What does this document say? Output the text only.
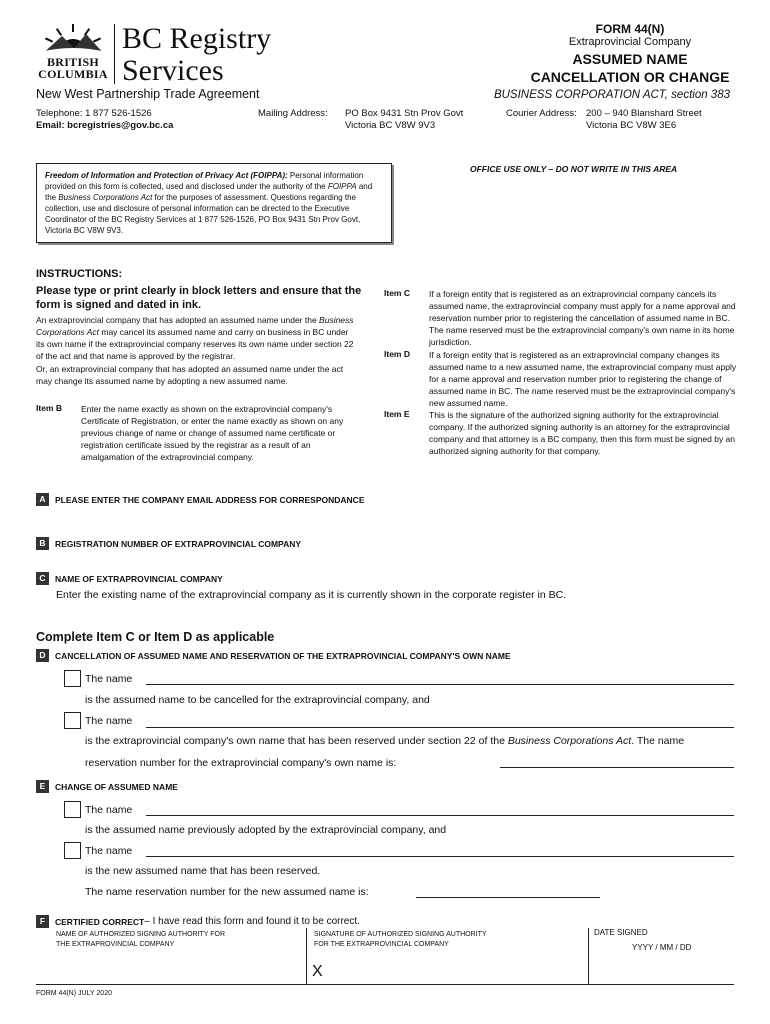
BRITISH
COLUMBIA
BC Registry
Services
New West Partnership Trade Agreement
Telephone: 1 877 526-1526
Email: bcregistries@gov.bc.ca
Mailing Address: PO Box 9431 Stn Prov Govt
Victoria BC V8W 9V3
Courier Address: 200 – 940 Blanshard Street
Victoria BC V8W 3E6
FORM 44(N)
Extraprovincial Company
ASSUMED NAME
CANCELLATION OR CHANGE
BUSINESS CORPORATION ACT, section 383
Freedom of Information and Protection of Privacy Act (FOIPPA): Personal information provided on this form is collected, used and disclosed under the authority of the FOIPPA and the Business Corporations Act for the purposes of assessment. Questions regarding the collection, use and disclosure of personal information can be directed to the Executive Coordinator of the BC Registry Services at 1 877 526-1526, PO Box 9431 Stn Prov Govt, Victoria BC V8W 9V3.
OFFICE USE ONLY – DO NOT WRITE IN THIS AREA
INSTRUCTIONS:
Please type or print clearly in block letters and ensure that the form is signed and dated in ink.
An extraprovincial company that has adopted an assumed name under the Business Corporations Act may cancel its assumed name and carry on business in BC under its own name if the extraprovincial company reserves its own name under section 22 of the act and that name is approved by the registrar.
Or, an extraprovincial company that has adopted an assumed name under the act may change its assumed name by adopting a new assumed name.
Item B Enter the name exactly as shown on the extraprovincial company's Certificate of Registration, or enter the name exactly as shown on any previous change of name or change of assumed name certificate or registration certificate issued by the registrar as a result of an amalgamation of the extraprovincial company.
Item C If a foreign entity that is registered as an extraprovincial company cancels its assumed name, the extraprovincial company must apply for a name approval and reservation number prior to registering the cancellation of assumed name in BC. The name reserved must be the extraprovincial company's own name in its home jurisdiction.
Item D If a foreign entity that is registered as an extraprovincial company changes its assumed name to a new assumed name, the extraprovincial company must apply for a name approval and reservation number prior to registering the change of assumed name in BC. The name reserved must be the extraprovincial company's new assumed name.
Item E This is the signature of the authorized signing authority for the extraprovincial company. If the authorized signing authority is an attorney for the extraprovincial company and that attorney is a BC company, then this form must be signed by an authorized signing authority for that company.
A	PLEASE ENTER THE COMPANY EMAIL ADDRESS FOR CORRESPONDANCE
B	REGISTRATION NUMBER OF EXTRAPROVINCIAL COMPANY
C	NAME OF EXTRAPROVINCIAL COMPANY
Enter the existing name of the extraprovincial company as it is currently shown in the corporate register in BC.
Complete Item C or Item D as applicable
D	CANCELLATION OF ASSUMED NAME AND RESERVATION OF THE EXTRAPROVINCIAL COMPANY'S OWN NAME
The name
is the assumed name to be cancelled for the extraprovincial company, and
The name
is the extraprovincial company's own name that has been reserved under section 22 of the Business Corporations Act. The name
reservation number for the extraprovincial company's own name is:
E	CHANGE OF ASSUMED NAME
The name
is the assumed name previously adopted by the extraprovincial company, and
The name
is the new assumed name that has been reserved.
The name reservation number for the new assumed name is:
F	CERTIFIED CORRECT – I have read this form and found it to be correct.
NAME OF AUTHORIZED SIGNING AUTHORITY FOR
THE EXTRAPROVINCIAL COMPANY
SIGNATURE OF AUTHORIZED SIGNING AUTHORITY
FOR THE EXTRAPROVINCIAL COMPANY
DATE SIGNED
YYYY / MM / DD
X
FORM 44(N) JULY 2020
